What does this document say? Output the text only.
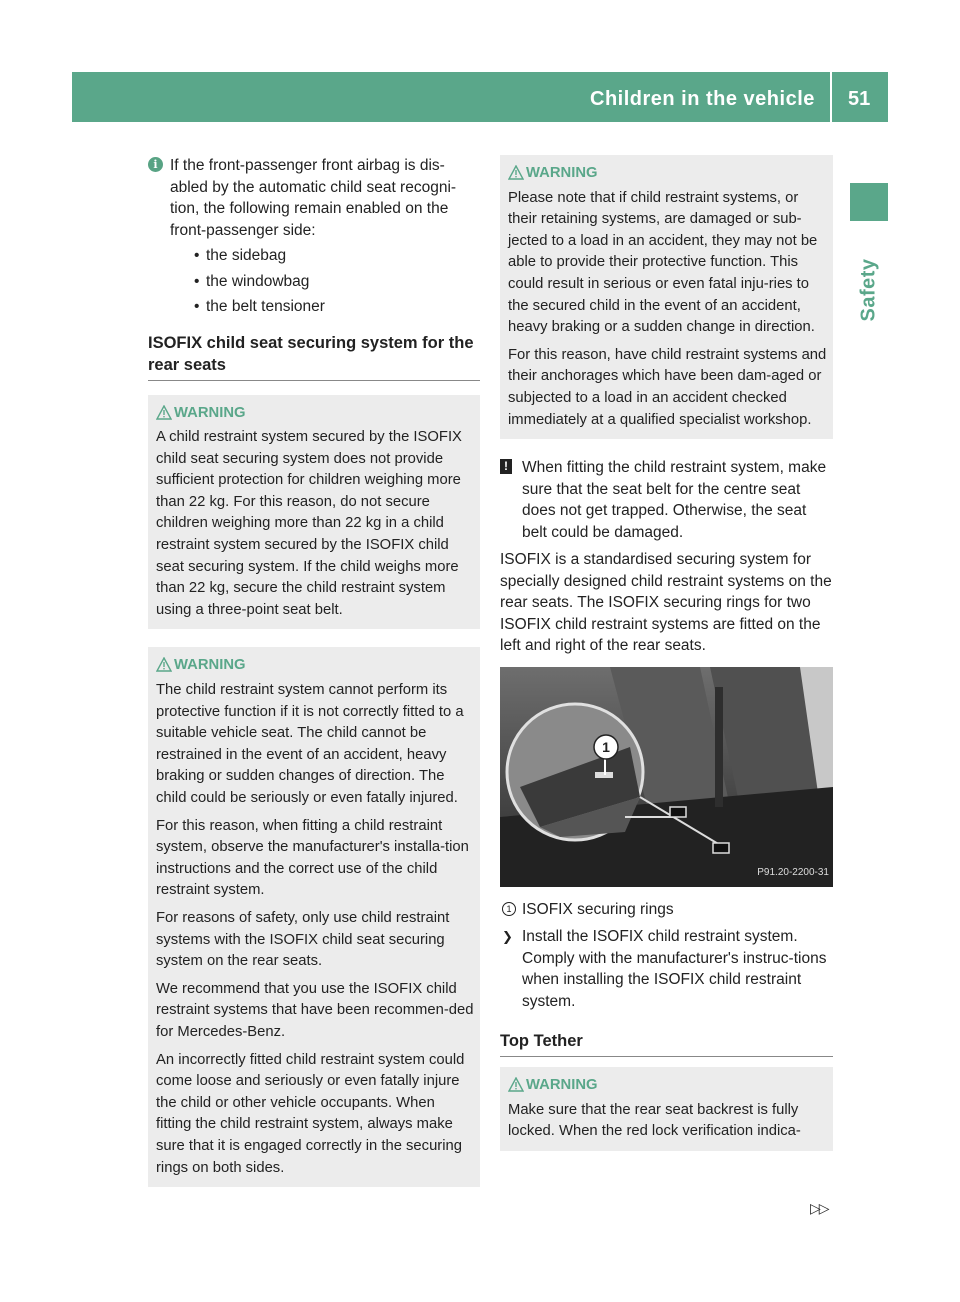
Children in the vehicle 51
Safety
i If the front-passenger front airbag is dis-abled by the automatic child seat recogni-tion, the following remain enabled on the front-passenger side:
• the sidebag
• the windowbag
• the belt tensioner
ISOFIX child seat securing system for the rear seats
WARNING

A child restraint system secured by the ISOFIX child seat securing system does not provide sufficient protection for children weighing more than 22 kg. For this reason, do not secure children weighing more than 22 kg in a child restraint system secured by the ISOFIX child seat securing system. If the child weighs more than 22 kg, secure the child restraint system using a three-point seat belt.

WARNING

The child restraint system cannot perform its protective function if it is not correctly fitted to a suitable vehicle seat. The child cannot be restrained in the event of an accident, heavy braking or sudden changes of direction. The child could be seriously or even fatally injured.

For this reason, when fitting a child restraint system, observe the manufacturer's installa-tion instructions and the correct use of the child restraint system.

For reasons of safety, only use child restraint systems with the ISOFIX child seat securing system on the rear seats.

We recommend that you use the ISOFIX child restraint systems that have been recommen-ded for Mercedes-Benz.

An incorrectly fitted child restraint system could come loose and seriously or even fatally injure the child or other vehicle occupants. When fitting the child restraint system, always make sure that it is engaged correctly in the securing rings on both sides.

WARNING

Please note that if child restraint systems, or their retaining systems, are damaged or sub-jected to a load in an accident, they may not be able to provide their protective function. This could result in serious or even fatal inju-ries to the secured child in the event of an accident, heavy braking or a sudden change in direction.

For this reason, have child restraint systems and their anchorages which have been dam-aged or subjected to a load in an accident checked immediately at a qualified specialist workshop.

! When fitting the child restraint system, make sure that the seat belt for the centre seat does not get trapped. Otherwise, the seat belt could be damaged.

ISOFIX is a standardised securing system for specially designed child restraint systems on the rear seats. The ISOFIX securing rings for two ISOFIX child restraint systems are fitted on the left and right of the rear seats.

1
P91.20-2200-31
1 ISOFIX securing rings
❯ Install the ISOFIX child restraint system. Comply with the manufacturer's instruc-tions when installing the ISOFIX child restraint system.
Top Tether
WARNING

Make sure that the rear seat backrest is fully locked. When the red lock verification indica-

▷▷
